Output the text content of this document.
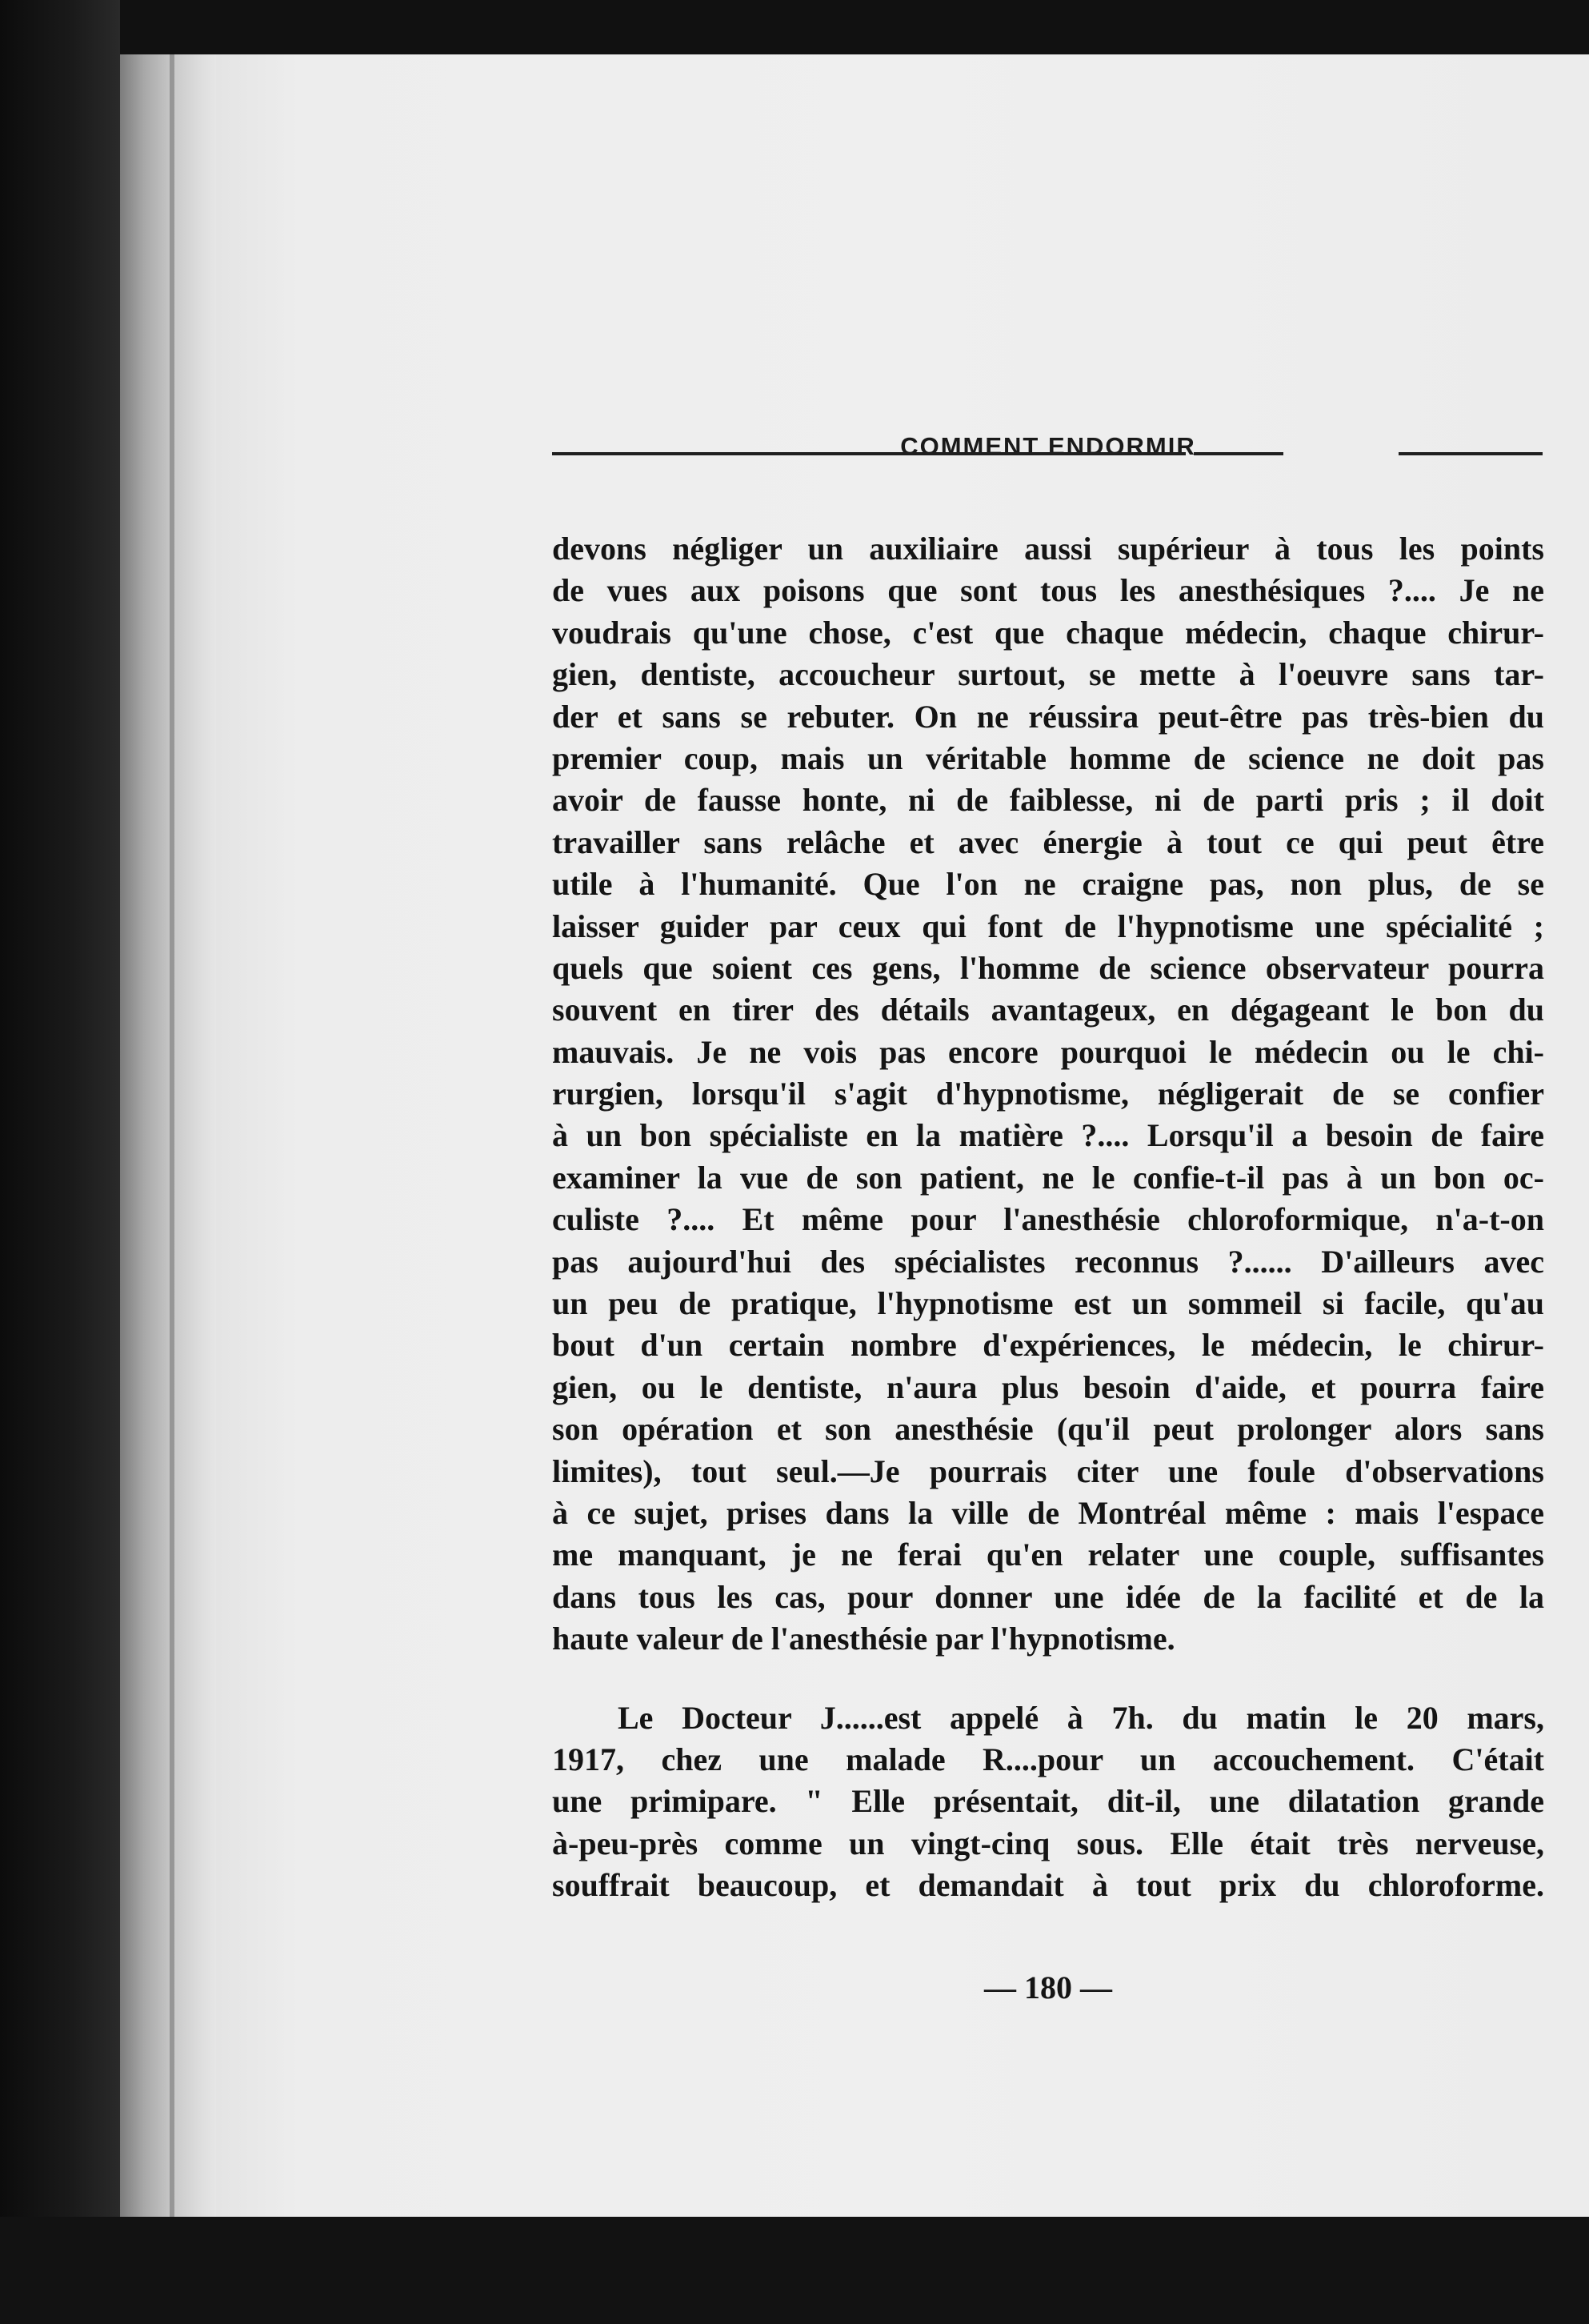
COMMENT ENDORMIR
devons négliger un auxiliaire aussi supérieur à tous les points
de vues aux poisons que sont tous les anesthésiques ?.... Je ne
voudrais qu'une chose, c'est que chaque médecin, chaque chirur-
gien, dentiste, accoucheur surtout, se mette à l'oeuvre sans tar-
der et sans se rebuter. On ne réussira peut-être pas très-bien du
premier coup, mais un véritable homme de science ne doit pas
avoir de fausse honte, ni de faiblesse, ni de parti pris ; il doit
travailler sans relâche et avec énergie à tout ce qui peut être
utile à l'humanité. Que l'on ne craigne pas, non plus, de se
laisser guider par ceux qui font de l'hypnotisme une spécialité ;
quels que soient ces gens, l'homme de science observateur pourra
souvent en tirer des détails avantageux, en dégageant le bon du
mauvais. Je ne vois pas encore pourquoi le médecin ou le chi-
rurgien, lorsqu'il s'agit d'hypnotisme, négligerait de se confier
à un bon spécialiste en la matière ?.... Lorsqu'il a besoin de faire
examiner la vue de son patient, ne le confie-t-il pas à un bon oc-
culiste ?.... Et même pour l'anesthésie chloroformique, n'a-t-on
pas aujourd'hui des spécialistes reconnus ?...... D'ailleurs avec
un peu de pratique, l'hypnotisme est un sommeil si facile, qu'au
bout d'un certain nombre d'expériences, le médecin, le chirur-
gien, ou le dentiste, n'aura plus besoin d'aide, et pourra faire
son opération et son anesthésie (qu'il peut prolonger alors sans
limites), tout seul.—Je pourrais citer une foule d'observations
à ce sujet, prises dans la ville de Montréal même : mais l'espace
me manquant, je ne ferai qu'en relater une couple, suffisantes
dans tous les cas, pour donner une idée de la facilité et de la
haute valeur de l'anesthésie par l'hypnotisme.
Le Docteur J......est appelé à 7h. du matin le 20 mars,
1917, chez une malade R....pour un accouchement. C'était
une primipare. " Elle présentait, dit-il, une dilatation grande
à-peu-près comme un vingt-cinq sous. Elle était très nerveuse,
souffrait beaucoup, et demandait à tout prix du chloroforme.
— 180 —
